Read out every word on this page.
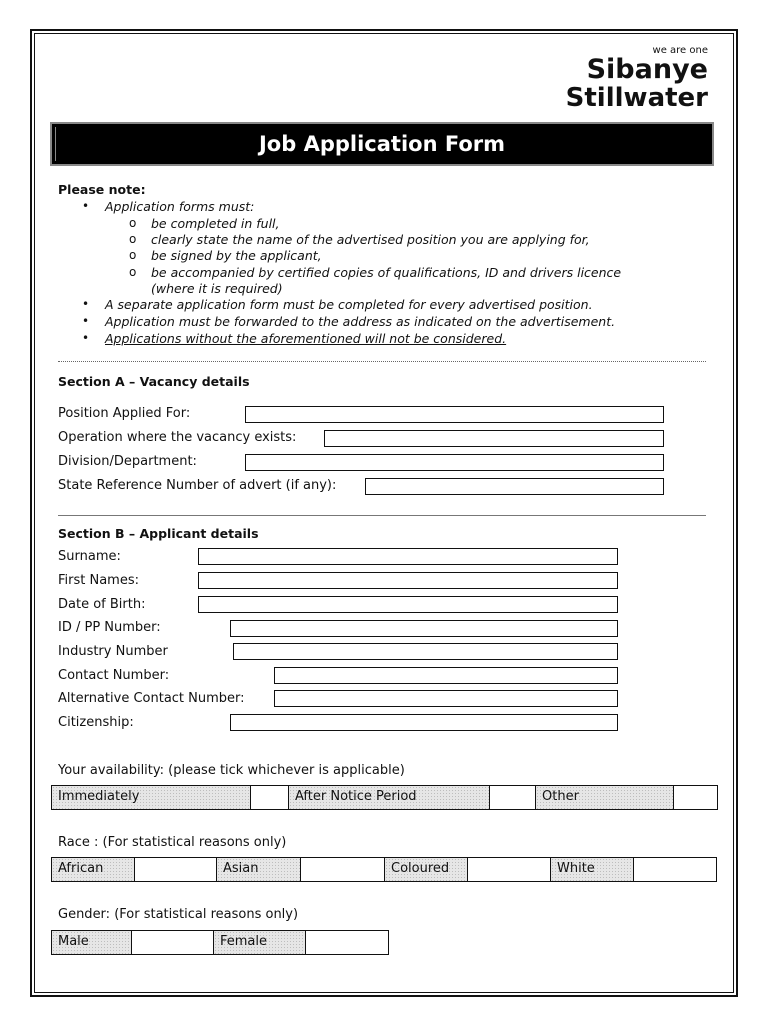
we are one
Sibanye
Stillwater
Job Application Form
Please note:
• Application forms must:
o be completed in full,
o clearly state the name of the advertised position you are applying for,
o be signed by the applicant,
o be accompanied by certified copies of qualifications, ID and drivers licence
(where it is required)
• A separate application form must be completed for every advertised position.
• Application must be forwarded to the address as indicated on the advertisement.
• Applications without the aforementioned will not be considered.
Section A – Vacancy details
Position Applied For:
Operation where the vacancy exists:
Division/Department:
State Reference Number of advert (if any):
Section B – Applicant details
Surname:
First Names:
Date of Birth:
ID / PP Number:
Industry Number
Contact Number:
Alternative Contact Number:
Citizenship:
Your availability: (please tick whichever is applicable)
Immediately	After Notice Period	Other
Race : (For statistical reasons only)
African	Asian	Coloured	White
Gender: (For statistical reasons only)
Male	Female
